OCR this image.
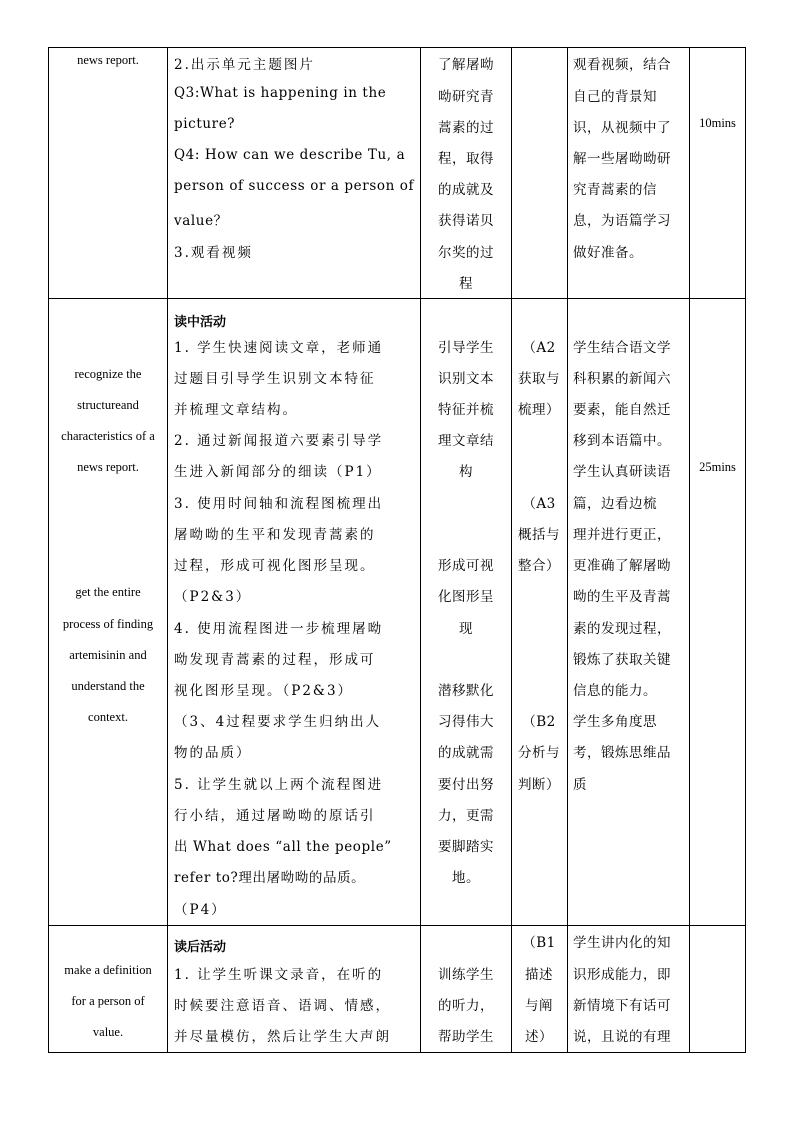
news report.	2.出示单元主题图片
Q3:What is happening in the
picture?
Q4: How can we describe Tu, a
person of success or a person of
value？
3.观看视频
了解屠呦
呦研究青
蒿素的过
程，取得
的成就及
获得诺贝
尔奖的过
程
观看视频，结合
自己的背景知
识，从视频中了
解一些屠呦呦研
究青蒿素的信
息，为语篇学习
做好准备。
10mins
recognize the
structureand
characteristics of a
news report.
get the entire
process of finding
artemisinin and
understand the
context.
读中活动
1. 学生快速阅读文章，老师通
过题目引导学生识别文本特征
并梳理文章结构。
2. 通过新闻报道六要素引导学
生进入新闻部分的细读（P1）
3. 使用时间轴和流程图梳理出
屠呦呦的生平和发现青蒿素的
过程，形成可视化图形呈现。
（P2&3）
4. 使用流程图进一步梳理屠呦
呦发现青蒿素的过程，形成可
视化图形呈现。（P2&3）
（3、4过程要求学生归纳出人
物的品质）
5. 让学生就以上两个流程图进
行小结，通过屠呦呦的原话引
出 What does “all the people”
refer to?理出屠呦呦的品质。
（P4）
引导学生
识别文本
特征并梳
理文章结
构
形成可视
化图形呈
现
潜移默化
习得伟大
的成就需
要付出努
力，更需
要脚踏实
地。
（A2
获取与
梳理）
（A3
概括与
整合）
（B2
分析与
判断）
学生结合语文学
科积累的新闻六
要素，能自然迁
移到本语篇中。
学生认真研读语
篇，边看边梳
理并进行更正，
更准确了解屠呦
呦的生平及青蒿
素的发现过程，
锻炼了获取关键
信息的能力。
学生多角度思
考，锻炼思维品
质
25mins
make a definition
for a person of
value.
读后活动
1. 让学生听课文录音，在听的
时候要注意语音、语调、情感，
并尽量模仿，然后让学生大声朗
训练学生
的听力，
帮助学生
（B1
描述
与阐
述）
学生讲内化的知
识形成能力，即
新情境下有话可
说，且说的有理
